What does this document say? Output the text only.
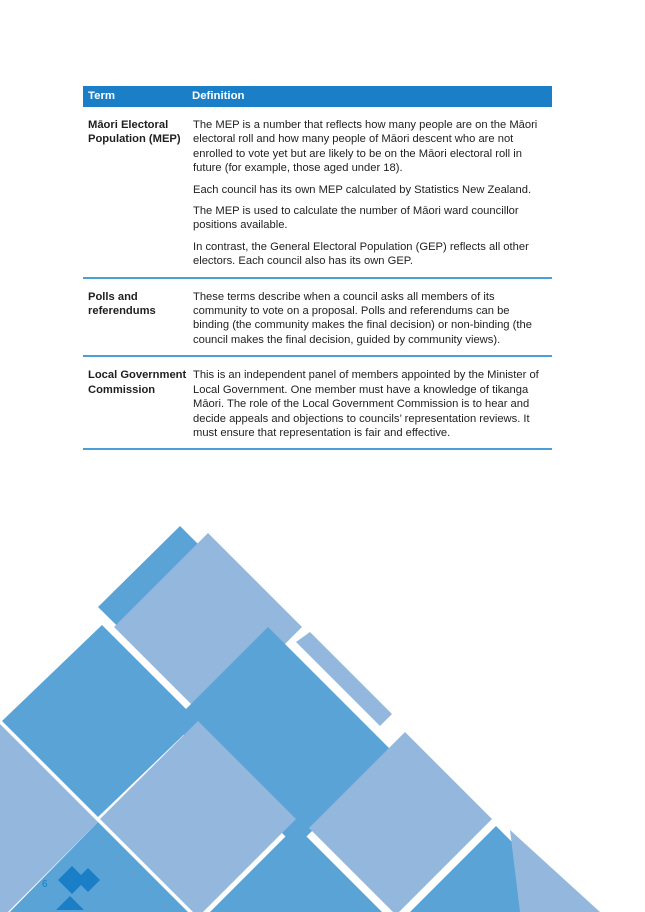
Term	Definition
Māori Electoral Population (MEP)

The MEP is a number that reflects how many people are on the Māori electoral roll and how many people of Māori descent who are not enrolled to vote yet but are likely to be on the Māori electoral roll in future (for example, those aged under 18).

Each council has its own MEP calculated by Statistics New Zealand.

The MEP is used to calculate the number of Māori ward councillor positions available.

In contrast, the General Electoral Population (GEP) reflects all other electors. Each council also has its own GEP.

Polls and referendums

These terms describe when a council asks all members of its community to vote on a proposal. Polls and referendums can be binding (the community makes the final decision) or non-binding (the council makes the final decision, guided by community views).

Local Government Commission

This is an independent panel of members appointed by the Minister of Local Government. One member must have a knowledge of tikanga Māori. The role of the Local Government Commission is to hear and decide appeals and objections to councils’ representation reviews. It must ensure that representation is fair and effective.

6
